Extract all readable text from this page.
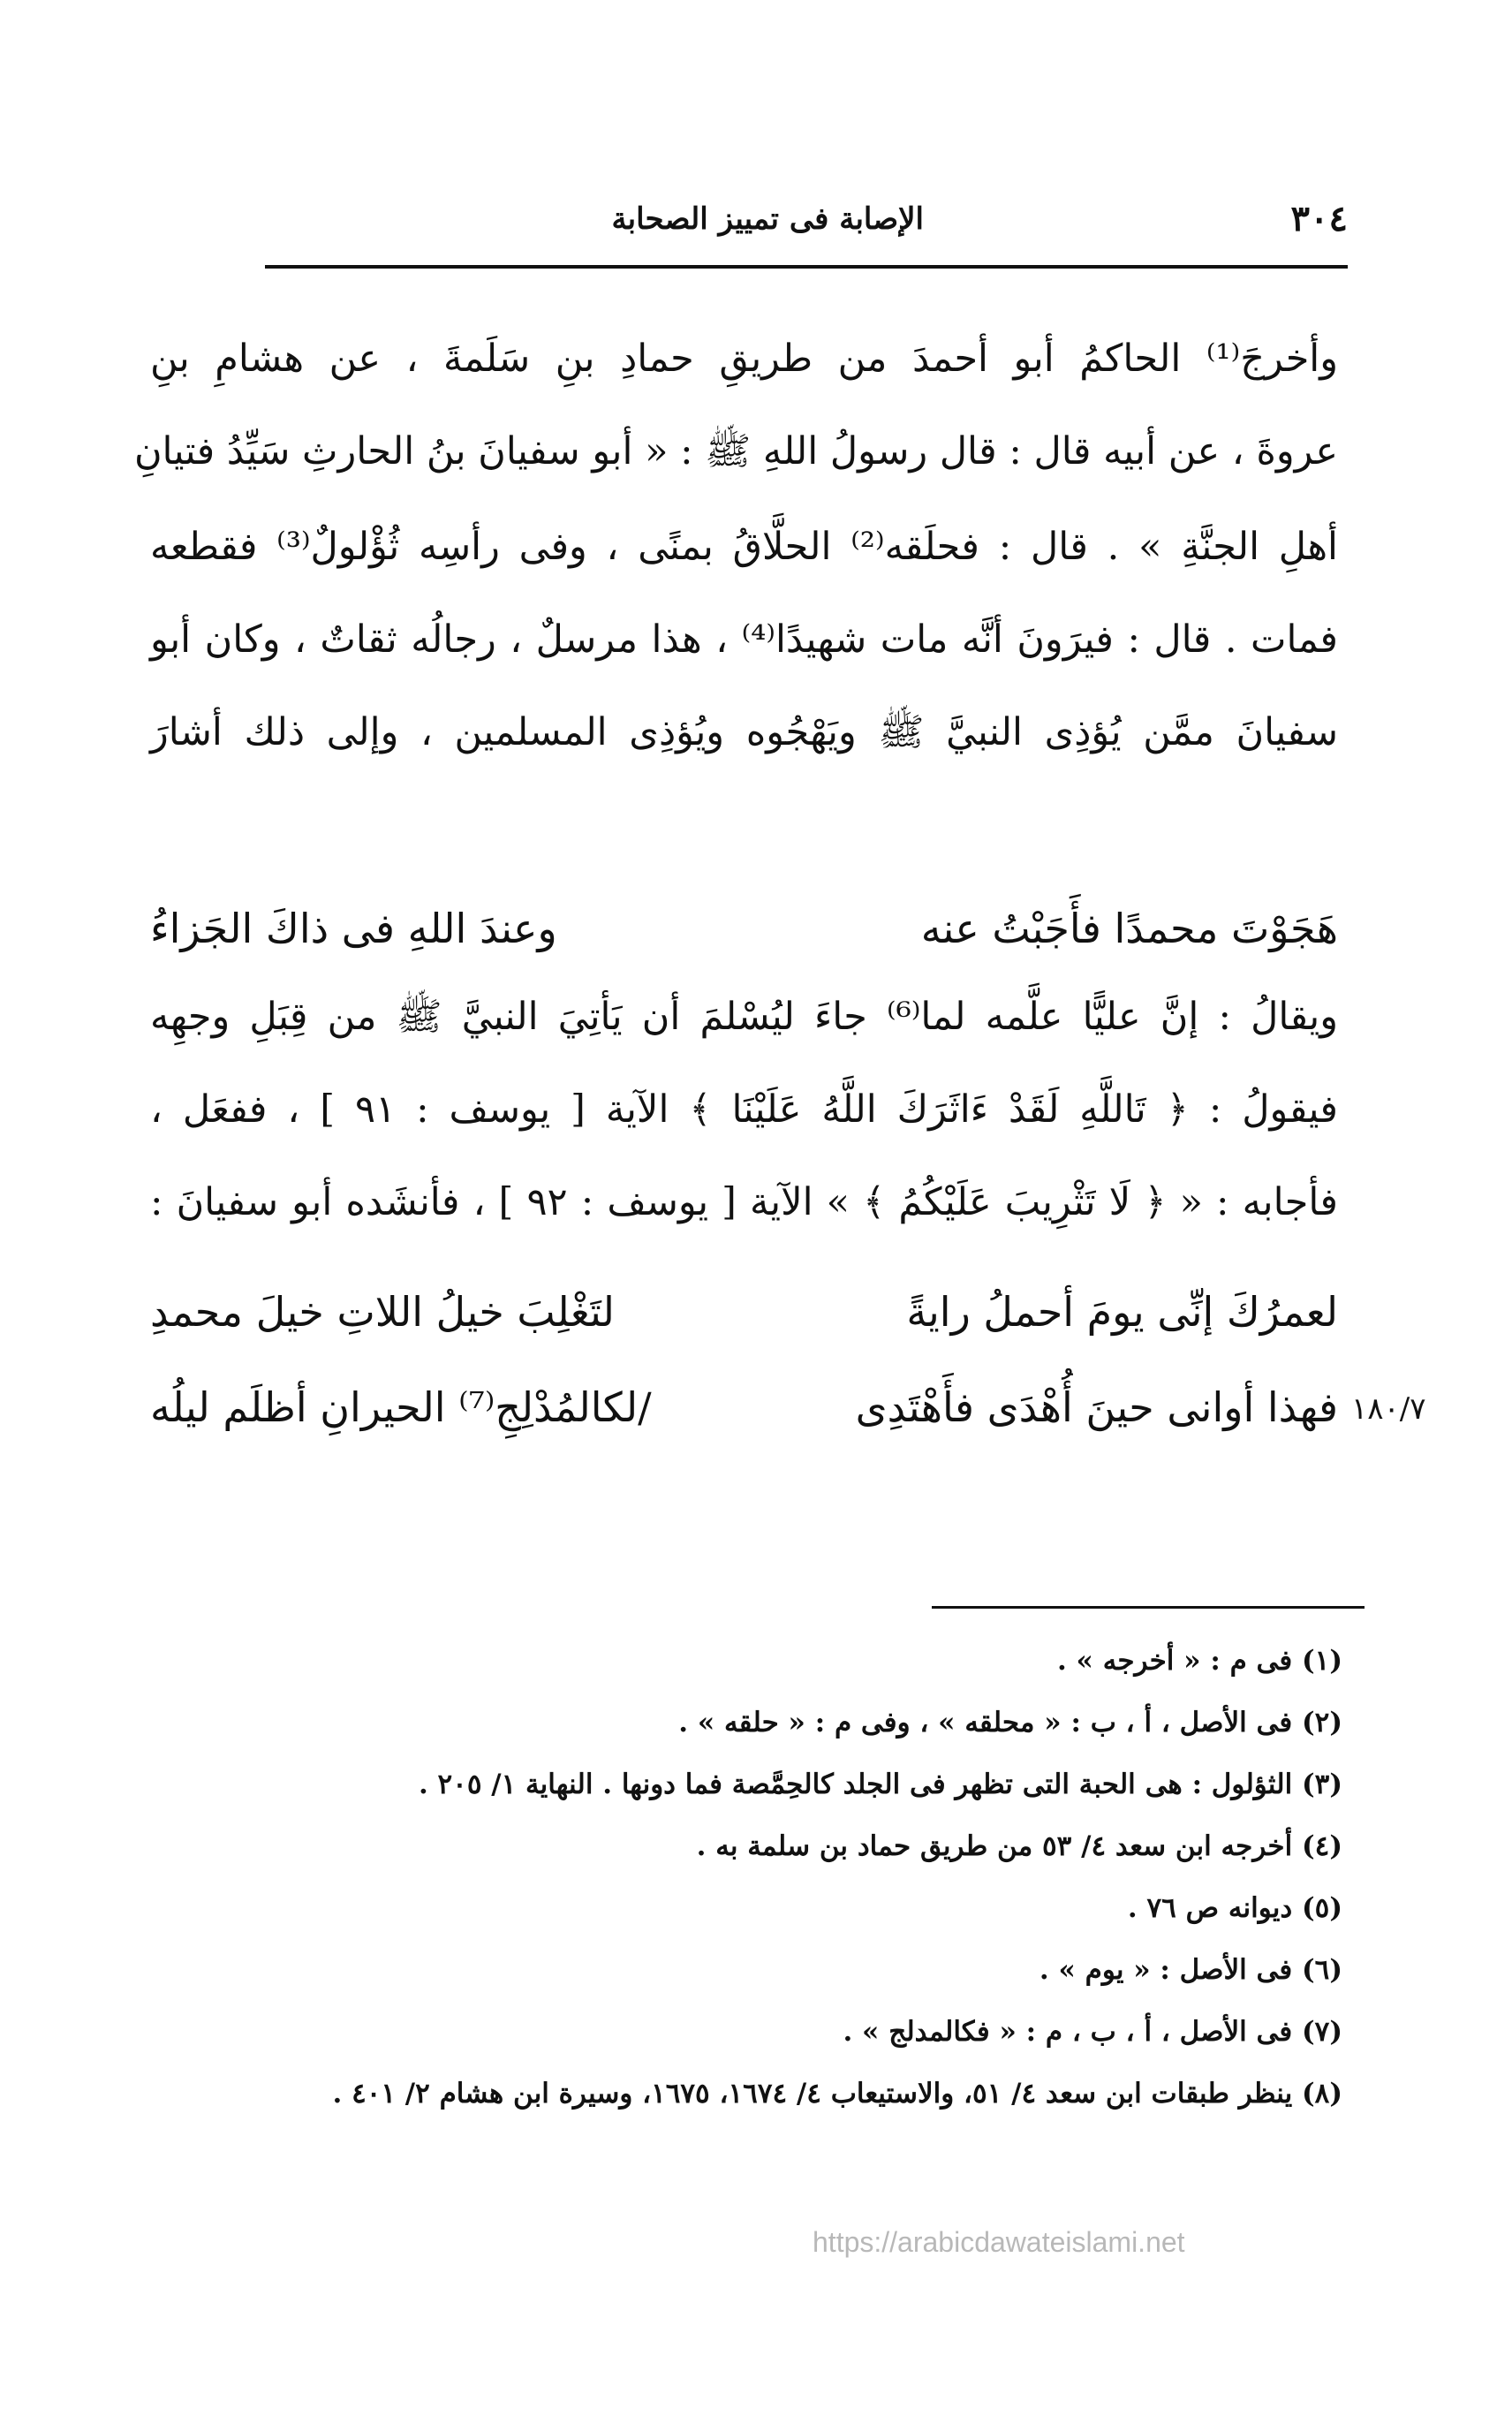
الإصابة فى تمييز الصحابة	٣٠٤
وأخرجَ⁽¹⁾ الحاكمُ أبو أحمدَ من طريقِ حمادِ بنِ سَلَمةَ ، عن هشامِ بنِ
عروةَ ، عن أبيه قال : قال رسولُ اللهِ ﷺ : « أبو سفيانَ بنُ الحارثِ سَيِّدُ فتيانِ
أهلِ الجنَّةِ » . قال : فحلَقه⁽²⁾ الحلَّاقُ بمنًى ، وفى رأسِه ثُؤْلولٌ⁽³⁾ فقطعه
فمات . قال : فيرَونَ أنَّه مات شهيدًا⁽⁴⁾ ، هذا مرسلٌ ، رجالُه ثقاتٌ ، وكان أبو
سفيانَ ممَّن يُؤذِى النبيَّ ﷺ ويَهْجُوه ويُؤذِى المسلمين ، وإلى ذلك أشارَ
هَجَوْتَ محمدًا فأَجَبْتُ عنه
وعندَ اللهِ فى ذاكَ الجَزاءُ
ويقالُ : إنَّ عليًّا علَّمه لما⁽⁶⁾ جاءَ ليُسْلمَ أن يَأتِيَ النبيَّ ﷺ من قِبَلِ وجهِه
فيقولُ : ﴿ تَاللَّهِ لَقَدْ ءَاثَرَكَ اللَّهُ عَلَيْنَا ﴾ الآية [ يوسف : ٩١ ] ، ففعَل ،
فأجابه : « ﴿ لَا تَثْرِيبَ عَلَيْكُمُ ﴾ » الآية [ يوسف : ٩٢ ] ، فأنشَده أبو سفيانَ :
لعمرُكَ إنِّى يومَ أحملُ رايةً
لتَغْلِبَ خيلُ اللاتِ خيلَ محمدِ
فهذا أوانى حينَ أُهْدَى فأَهْتَدِى
/لكالمُدْلِجِ⁽⁷⁾ الحيرانِ أظلَم ليلُه	١٨٠/٧
(١) فى م : « أخرجه » .
(٢) فى الأصل ، أ ، ب : « محلقه » ، وفى م : « حلقه » .
(٣) الثؤلول : هى الحبة التى تظهر فى الجلد كالحِمَّصة فما دونها . النهاية ١/ ٢٠٥ .
(٤) أخرجه ابن سعد ٤/ ٥٣ من طريق حماد بن سلمة به .
(٥) ديوانه ص ٧٦ .
(٦) فى الأصل : « يوم » .
(٧) فى الأصل ، أ ، ب ، م : « فكالمدلج » .
(٨) ينظر طبقات ابن سعد ٤/ ٥١، والاستيعاب ٤/ ١٦٧٤، ١٦٧٥، وسيرة ابن هشام ٢/ ٤٠١ .
https://arabicdawateislami.net
